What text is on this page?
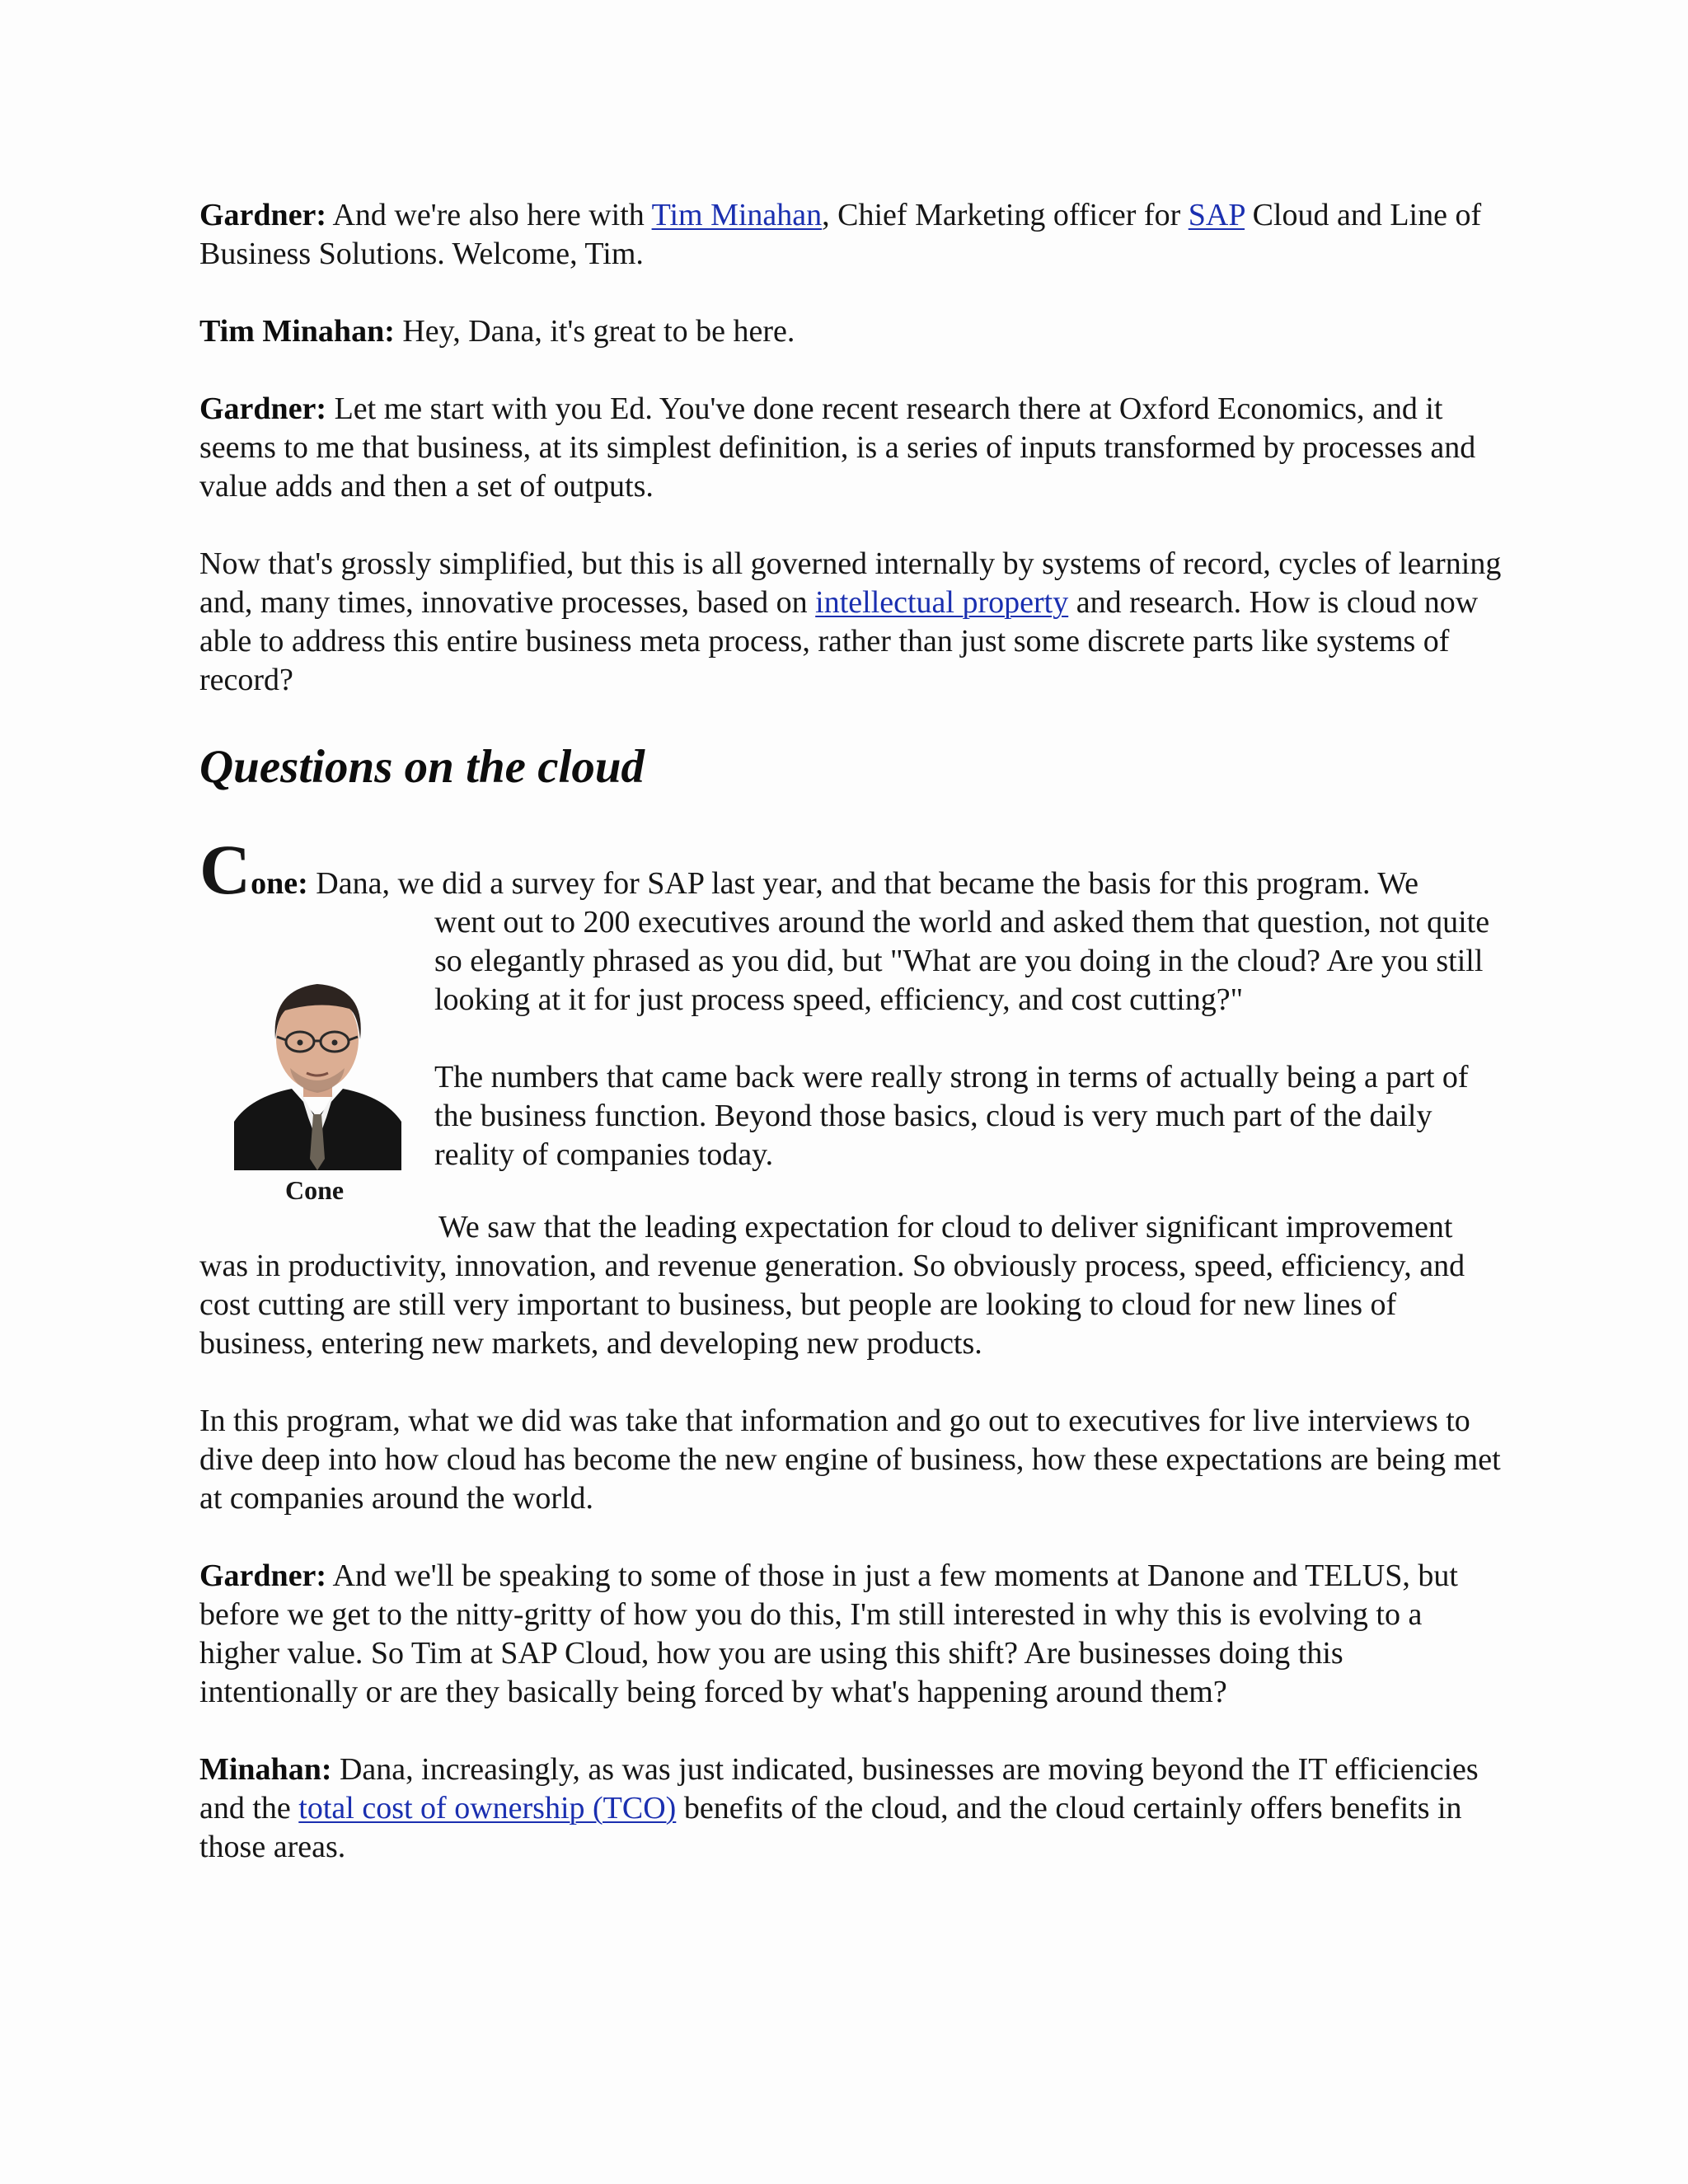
Gardner: And we're also here with Tim Minahan, Chief Marketing officer for SAP Cloud and Line of Business Solutions. Welcome, Tim.

Tim Minahan: Hey, Dana, it's great to be here.

Gardner: Let me start with you Ed. You've done recent research there at Oxford Economics, and it seems to me that business, at its simplest definition, is a series of inputs transformed by processes and value adds and then a set of outputs.

Now that's grossly simplified, but this is all governed internally by systems of record, cycles of learning and, many times, innovative processes, based on intellectual property and research. How is cloud now able to address this entire business meta process, rather than just some discrete parts like systems of record?

Questions on the cloud

Cone: Dana, we did a survey for SAP last year, and that became the basis for this program. We

Cone

went out to 200 executives around the world and asked them that question, not quite so elegantly phrased as you did, but "What are you doing in the cloud? Are you still looking at it for just process speed, efficiency, and cost cutting?"

The numbers that came back were really strong in terms of actually being a part of the business function. Beyond those basics, cloud is very much part of the daily reality of companies today.

We saw that the leading expectation for cloud to deliver significant improvement was in productivity, innovation, and revenue generation. So obviously process, speed, efficiency, and cost cutting are still very important to business, but people are looking to cloud for new lines of business, entering new markets, and developing new products.

In this program, what we did was take that information and go out to executives for live interviews to dive deep into how cloud has become the new engine of business, how these expectations are being met at companies around the world.

Gardner: And we'll be speaking to some of those in just a few moments at Danone and TELUS, but before we get to the nitty-gritty of how you do this, I'm still interested in why this is evolving to a higher value. So Tim at SAP Cloud, how you are using this shift? Are businesses doing this intentionally or are they basically being forced by what's happening around them?

Minahan: Dana, increasingly, as was just indicated, businesses are moving beyond the IT efficiencies and the total cost of ownership (TCO) benefits of the cloud, and the cloud certainly offers benefits in those areas.
